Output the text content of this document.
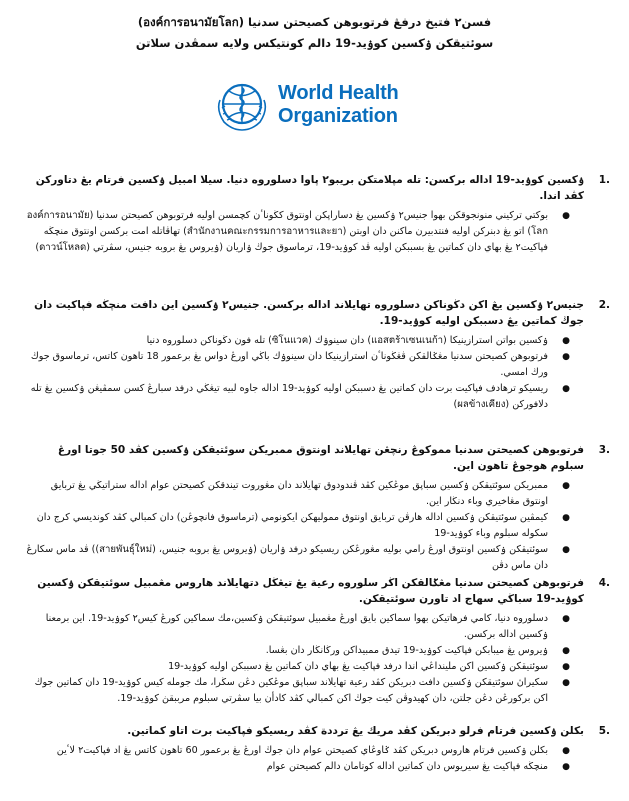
فسن٢ فتيخ درفڠ فرتوبوهن كصيحتن سدنيا (องค์การอนามัยโลก)
سوئتيقكن ۏكسين كوۏيد-19 دالم كونتيكس ولايه سمڤدن سلاتن
World Health
Organization
1.
ۏكسين كوۏيد-19 اداله بركسن: تله مڽلامتكن بريبو٢ ڽاوا دسلوروه دنيا. سيلا امبيل ۏكسين فرتام يڠ دتاورکن كڤد اندا.
●
بوكتي تركيني منونجوقكن بهوا جنيس٢ ۏكسين يڠ دساراڽكن اونتوق كڬوناٴن كچمسن اوليه فرتوبوهن كصيحتن سدنيا (องค์การอนามัยโลก) اتو يڠ دبنركن اوليه فنتدبيرن ماكنن دان اوبتن (สำนักงานคณะกรรมการอาหารและยา) تهاڤاتله امت بركسن اونتوق منچڬه فڽاكيت٢ يڠ بهاي دان كماتين يڠ بسببكن اوليه ڤد كوۏيد-19، ترماسوق جوڬ ۏاريان (ۏيروس يڠ بروبه جنيس، سڤرتي (ดาวน์โหลด)
2.
جنيس٢ ۏكسين يڠ اكن دڬوناكن دسلوروه تهايلاند اداله بركسن. جنيس٢ ۏكسين اين دافت منچڬه فڽاكيت دان جوڬ كماتين يڠ دسببكن اوليه كوۏيد-19.
●
ۏكسين بواتن استرازينيكا (แอสตร้าเซนเนก้า) دان سينوۏك (ซิโนแวค) تله فون دڬوناكن دسلوروه دنيا
●
فرتوبوهن كصيحتن سدنيا مڠݢالقكن ڤڠڬوناٴن استرازينيكا دان سينوۏك باڬي اورڠ دواس يڠ برعمور 18 تاهون كاتس، ترماسوق جوڬ ورڬ امسي.
●
ريسيكو ترهادف فڽاكيت برت دان كماتين يڠ دسببكن اوليه كوۏيد-19 اداله جاوه لبيه تيڠڬي درفد سبارڠ كسن سمڤيڠن ۏكسين يڠ تله دلافوركن (ผลข้างเคียง)
3.
فرتوبوهن كصيحتن سدنيا مموکوڠ رنچڠن تهايلاند اونتوق ممبريكن سوئتيقكن ۏكسين كڤد 50 جوتا اورڠ سبلوم هوجوڠ تاهون اين.
●
ممبريكن سوئتيقكن ۏكسين سباڽق موڠكين كڤد ڤندودوق تهايلاند دان مڠوروت تيندقكن كصيحتن عوام اداله ستراتيڬي يڠ تربايق اونتوق مڠاخيري وباء دنڬار اين.
●
كيمڤين سوئتيقكن ۏكسين اداله هارڤن تربايق اونتوق مموليهكن ايكونومي (ترماسوق فانچوڠن) دان كمبالي كڤد كونديسي كرج دان سكوله سبلوم وباء كوۏيد-19
●
سوئتيقكن ۏكسين اونتوق اورڠ رامي بوليه مڠورڠكن ريسيكو درفد ۏاريان (ۏيروس يڠ بروبه جنيس، (สายพันธุ์ใหม่)) ڤد ماس سكارڠ دان ماس دڤن
4.
فرتوبوهن كصيحتن سدنيا مڠݢالقكن اڬر سلوروه رعية يڠ تيڠڬل دتهايلاند هاروس مڠمبيل سوئتيقكن ۏكسين كوۏيد-19 سباڬي سهاج اد تاورن سوئتيقكن.
●
دسلوروه دنيا، كامي فرهاتيكن بهوا سماكين بايق اورڠ مڠمبيل سوئتيقكن ۏكسين،مك سماكين كورڠ كيس٢ كوۏيد-19. اين برمعنا ۏكسين اداله بركسن.
●
ۏيروس يڠ ميبابكن فڽاكيت كوۏيد-19 تيدق ممبيداكن ورڬانڬار دان بڠسا.
●
سوئتيقكن ۏكسين اكن ملينداڠي اندا درفد فڽاكيت يڠ بهاي دان كماتين يڠ دسببكن اوليه كوۏيد-19
●
سكيراڽ سوئتيقكن ۏكسين دافت دبريكن كڤد رعية تهايلاند سباڽق موڠكين دڠن سڬرا، مك جومله كيس كوۏيد-19 دان كماتين جوڬ اكن بركورڠن دڠن جلتن، دان كهيدوڤن كيت جوڬ اكن كمبالي كڤد كادأن بيا سڤرتي سبلوم مرببقڽ كوۏيد-19.
5.
بكلن ۏكسين فرتام فرلو دبريكن كڤد مريك يڠ ترددة كڤد ريسيكو فڽاكيت برت اتاو كماتين.
●
بكلن ۏكسين فرتام هاروس دبريكن كڤد ݢاوڠاي كصيحتن عوام دان جوڬ اورڠ يڠ برعمور 60 تاهون كاتس يڠ اد فڽاكيت٢ لاٴين
●
منچڬه فڽاكيت يڠ سيريوس دان كماتين اداله كوتامان دالم كصيحتن عوام
